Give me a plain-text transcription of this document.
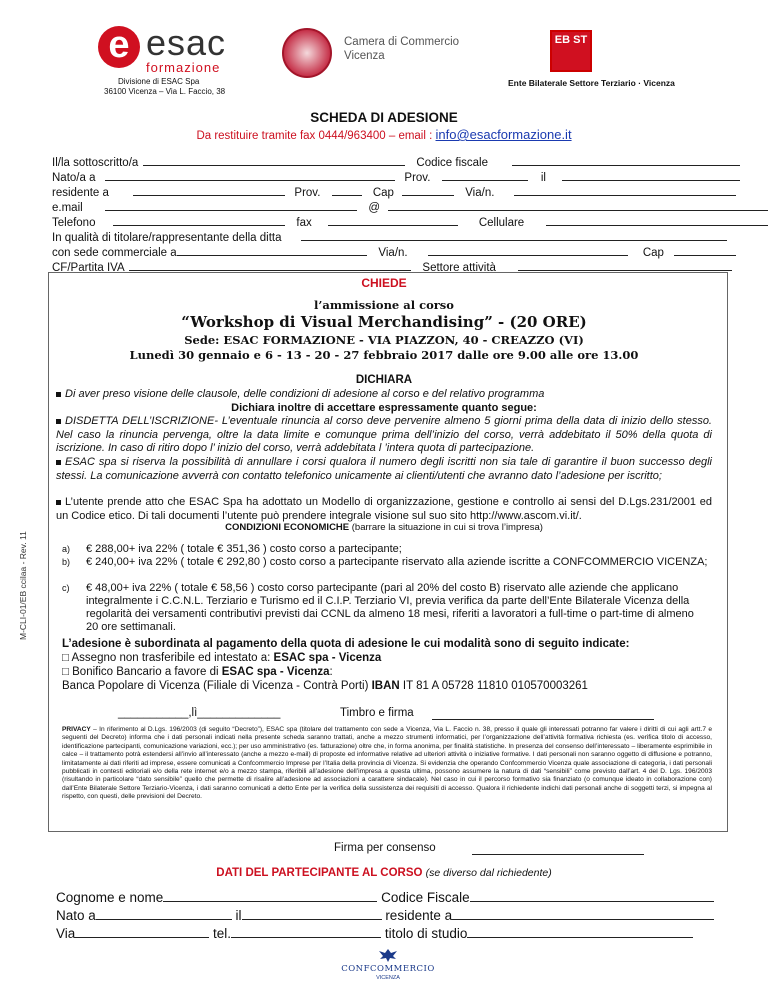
e esac
formazione
Divisione di ESAC Spa
36100 Vicenza – Via L. Faccio, 38
Camera di Commercio
Vicenza
EB ST
Ente Bilaterale Settore Terziario · Vicenza
SCHEDA DI ADESIONE
Da restituire tramite fax 0444/963400 – email : info@esacformazione.it
Il/la sottoscritto/a	Codice fiscale
Nato/a a	Prov.	il
residente a	Prov.	Cap	Via/n.
e.mail	@
Telefono	fax	Cellulare
In qualità di titolare/rappresentante della ditta
con sede commerciale a	Via/n.	Cap
CF/Partita IVA	Settore attività
M-CLI-01/EB ccilaa - Rev. 11
CHIEDE
l’ammissione al corso
“Workshop di Visual Merchandising” - (20 ORE)
Sede: ESAC FORMAZIONE - VIA PIAZZON, 40 - CREAZZO (VI)
Lunedì 30 gennaio e 6 - 13 - 20 - 27 febbraio 2017 dalle ore 9.00 alle ore 13.00
DICHIARA
Di aver preso visione delle clausole, delle condizioni di adesione al corso e del relativo programma
Dichiara inoltre di accettare espressamente quanto segue:
DISDETTA DELL’ISCRIZIONE- L’eventuale rinuncia al corso deve pervenire almeno 5 giorni prima della data di inizio dello stesso. Nel caso la rinuncia pervenga, oltre la data limite e comunque prima dell’inizio del corso, verrà addebitato il 50% della quota di iscrizione. In caso di ritiro dopo l’ inizio del corso, verrà addebitata l ’intera quota di partecipazione.
ESAC spa si riserva la possibilità di annullare i corsi qualora il numero degli iscritti non sia tale di garantire il buon successo degli stessi. La comunicazione avverrà con contatto telefonico unicamente ai clienti/utenti che avranno dato l’adesione per iscritto;
L’utente prende atto che ESAC Spa ha adottato un Modello di organizzazione, gestione e controllo ai sensi del D.Lgs.231/2001 ed un Codice etico. Di tali documenti l’utente può prendere integrale visione sul suo sito http://www.ascom.vi.it/.
CONDIZIONI ECONOMICHE (barrare la situazione in cui si trova l’impresa)
a) € 288,00+ iva 22% ( totale € 351,36 ) costo corso a partecipante;
b) € 240,00+ iva 22% ( totale € 292,80 ) costo corso a partecipante riservato alla aziende iscritte a CONFCOMMERCIO VICENZA;
c) € 48,00+ iva 22% ( totale € 58,56 ) costo corso partecipante (pari al 20% del costo B) riservato alle aziende che applicano integralmente i C.C.N.L. Terziario e Turismo ed il C.I.P. Terziario VI, previa verifica da parte dell’Ente Bilaterale Vicenza della regolarità dei versamenti contributivi previsti dai CCNL da almeno 18 mesi, riferiti a lavoratori a full-time o part-time di almeno 20 ore settimanali.
L’adesione è subordinata al pagamento della quota di adesione le cui modalità sono di seguito indicate:
□ Assegno non trasferibile ed intestato a: ESAC spa - Vicenza
□ Bonifico Bancario a favore di ESAC spa - Vicenza:
Banca Popolare di Vicenza (Filiale di Vicenza - Contrà Porti) IBAN IT 81 A 05728 11810 010570003261
___________,lì_____________	Timbro e firma
PRIVACY – In riferimento al D.Lgs. 196/2003 (di seguito “Decreto”), ESAC spa (titolare del trattamento con sede a Vicenza, Via L. Faccio n. 38, presso il quale gli interessati potranno far valere i diritti di cui agli artt.7 e seguenti del Decreto) informa che i dati personali indicati nella presente scheda saranno trattati, anche a mezzo strumenti informatici, per l’organizzazione dell’attività formativa richiesta (es. verifica titolo di accesso, identificazione partecipanti, comunicazione variazioni, ecc.); per uso amministrativo (es. fatturazione) oltre che, in forma anonima, per finalità statistiche. In presenza del consenso dell’interessato – liberamente esprimibile in calce – il trattamento potrà estendersi all’invio all’interessato (anche a mezzo e-mail) di proposte ed informative relative ad ulteriori attività o iniziative formative. I dati personali non saranno oggetto di diffusione e potranno, limitatamente ai dati riferiti ad imprese, essere comunicati a Confcommercio Imprese per l’Italia della provincia di Vicenza. Si evidenzia che operando Confcommercio Vicenza quale associazione di categoria, i dati personali pubblicati in contesti editoriali e/o della rete internet e/o a mezzo stampa, riferibili all’adesione dell’impresa a questa ultima, possono assumere la natura di dati “sensibili” come previsto dall’art. 4 del D. Lgs. 196/2003 (risultando in particolare “dato sensibile” quello che permette di risalire all’adesione ad associazioni a carattere sindacale). Nel caso in cui il percorso formativo sia finanziato (o comunque ideato in collaborazione con) dall’Ente Bilaterale Settore Terziario-Vicenza, i dati saranno comunicati a detto Ente per la verifica della sussistenza dei requisiti di accesso. Qualora il richiedente indichi dati personali anche di soggetti terzi, si impegna al rispetto, con questi, delle previsioni del Decreto.
Firma per consenso
DATI DEL PARTECIPANTE AL CORSO (se diverso dal richiedente)
Cognome e nome	Codice Fiscale
Nato a	il	residente a
Via	tel.	titolo di studio
CONFCOMMERCIO
VICENZA
